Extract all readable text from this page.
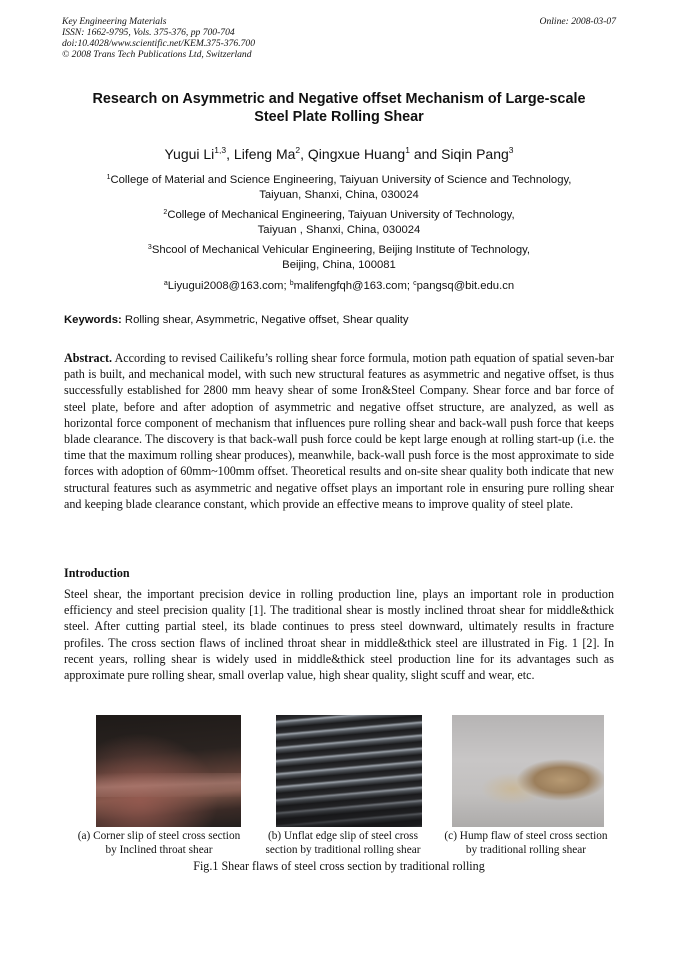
Key Engineering Materials
ISSN: 1662-9795, Vols. 375-376, pp 700-704
doi:10.4028/www.scientific.net/KEM.375-376.700
© 2008 Trans Tech Publications Ltd, Switzerland
Online: 2008-03-07
Research on Asymmetric and Negative offset Mechanism of Large-scale
Steel Plate Rolling Shear
Yugui Li$^{1,3}$, Lifeng Ma$^2$, Qingxue Huang$^1$ and Siqin Pang$^3$
$^1$College of Material and Science Engineering, Taiyuan University of Science and Technology,
Taiyuan, Shanxi, China, 030024
$^2$College of Mechanical Engineering, Taiyuan University of Technology,
Taiyuan , Shanxi, China, 030024
$^3$Shcool of Mechanical Vehicular Engineering, Beijing Institute of Technology,
Beijing, China, 100081
$^a$Liyugui2008@163.com; $^b$malifengfqh@163.com; $^c$pangsq@bit.edu.cn
Keywords: Rolling shear, Asymmetric, Negative offset, Shear quality
Abstract. According to revised Cailikefu’s rolling shear force formula, motion path equation of spatial seven-bar path is built, and mechanical model, with such new structural features as asymmetric and negative offset, is thus successfully established for 2800 mm heavy shear of some Iron&Steel Company. Shear force and bar force of steel plate, before and after adoption of asymmetric and negative offset structure, are analyzed, as well as horizontal force component of mechanism that influences pure rolling shear and back-wall push force that keeps blade clearance. The discovery is that back-wall push force could be kept large enough at rolling start-up (i.e. the time that the maximum rolling shear produces), meanwhile, back-wall push force is the most approximate to side forces with adoption of 60mm~100mm offset. Theoretical results and on-site shear quality both indicate that new structural features such as asymmetric and negative offset plays an important role in ensuring pure rolling shear and keeping blade clearance constant, which provide an effective means to improve quality of steel plate.
Introduction
Steel shear, the important precision device in rolling production line, plays an important role in production efficiency and steel precision quality [1]. The traditional shear is mostly inclined throat shear for middle&thick steel. After cutting partial steel, its blade continues to press steel downward, ultimately results in fracture profiles. The cross section flaws of inclined throat shear in middle&thick steel are illustrated in Fig. 1 [2]. In recent years, rolling shear is widely used in middle&thick steel production line for its advantages such as approximate pure rolling shear, small overlap value, high shear quality, slight scuff and wear, etc.
(a) Corner slip of steel cross section
by Inclined throat shear
(b) Unflat edge slip of steel cross
section by traditional rolling shear
(c) Hump flaw of steel cross section
by traditional rolling shear
Fig.1 Shear flaws of steel cross section by traditional rolling
